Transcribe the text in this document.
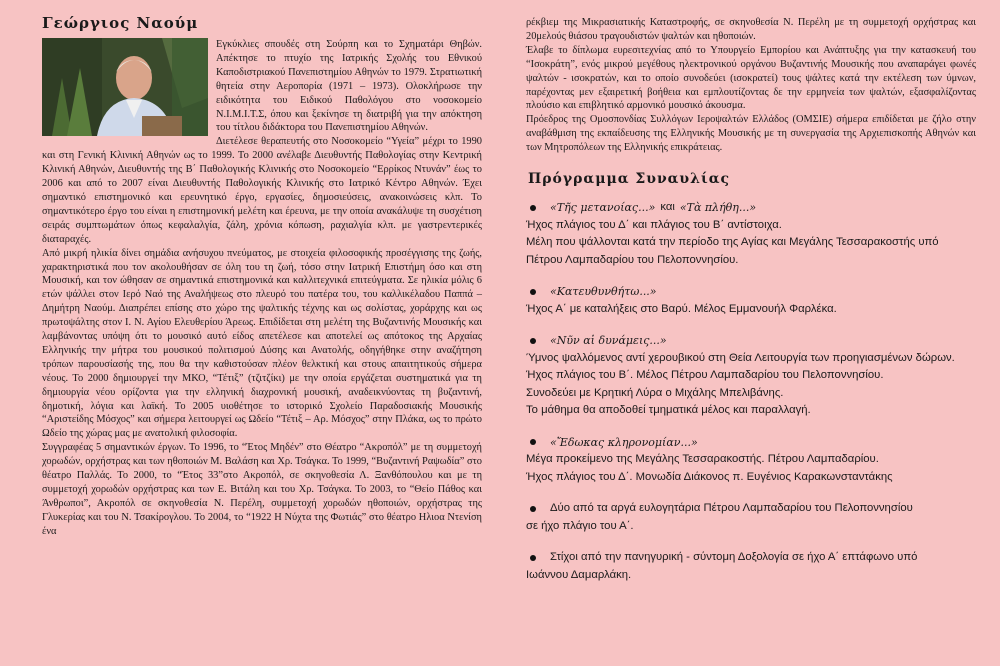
Γεώργιος Ναούμ

Εγκύκλιες σπουδές στη Σούρπη και το Σχηματάρι Θηβών. Απέκτησε το πτυχίο της Ιατρικής Σχολής του Εθνικού Καποδιστριακού Πανεπιστημίου Αθηνών το 1979. Στρατιωτική θητεία στην Αεροπορία (1971 – 1973). Ολοκλήρωσε την ειδικότητα του Ειδικού Παθολόγου στο νοσοκομείο Ν.Ι.Μ.Ι.Τ.Σ, όπου και ξεκίνησε τη διατριβή για την απόκτηση του τίτλου διδάκτορα του Πανεπιστημίου Αθηνών.

Διετέλεσε θεραπευτής στο Νοσοκομείο “Υγεία” μέχρι το 1990 και στη Γενική Κλινική Αθηνών ως το 1999. Το 2000 ανέλαβε Διευθυντής Παθολογίας στην Κεντρική Κλινική Αθηνών, Διευθυντής της Β΄ Παθολογικής Κλινικής στο Νοσοκομείο “Ερρίκος Ντυνάν” έως το 2006 και από το 2007 είναι Διευθυντής Παθολογικής Κλινικής στο Ιατρικό Κέντρο Αθηνών. Έχει σημαντικό επιστημονικό και ερευνητικό έργο, εργασίες, δημοσιεύσεις, ανακοινώσεις κλπ. Το σημαντικότερο έργο του είναι η επιστημονική μελέτη και έρευνα, με την οποία ανακάλυψε τη συσχέτιση σειράς συμπτωμάτων όπως κεφαλαλγία, ζάλη, χρόνια κόπωση, ραχιαλγία κλπ. με γαστρεντερικές διαταραχές.

Από μικρή ηλικία δίνει σημάδια ανήσυχου πνεύματος, με στοιχεία φιλοσοφικής προσέγγισης της ζωής, χαρακτηριστικά που τον ακολουθήσαν σε όλη του τη ζωή, τόσο στην Ιατρική Επιστήμη όσο και στη Μουσική, και τον ώθησαν σε σημαντικά επιστημονικά και καλλιτεχνικά επιτεύγματα. Σε ηλικία μόλις 6 ετών ψάλλει στον Ιερό Ναό της Αναλήψεως στο πλευρό του πατέρα του, του καλλικέλαδου Παππά – Δημήτρη Ναούμ. Διαπρέπει επίσης στο χώρο της ψαλτικής τέχνης και ως σολίστας, χοράρχης και ως πρωτοψάλτης στον Ι. Ν. Αγίου Ελευθερίου Άρεως. Επιδίδεται στη μελέτη της Βυζαντινής Μουσικής και λαμβάνοντας υπόψη ότι το μουσικό αυτό είδος απετέλεσε και αποτελεί ως απότοκος της Αρχαίας Ελληνικής την μήτρα του μουσικού πολιτισμού Δύσης και Ανατολής, οδηγήθηκε στην αναζήτηση τρόπων παρουσίασής της, που θα την καθιστούσαν πλέον θελκτική και στους απαιτητικούς σήμερα νέους. Το 2000 δημιουργεί την ΜΚΟ, “Τέτιξ” (τζιτζίκι) με την οποία εργάζεται συστηματικά για τη δημιουργία νέου ορίζοντα για την ελληνική διαχρονική μουσική, αναδεικνύοντας τη βυζαντινή, δημοτική, λόγια και λαϊκή. Το 2005 υιοθέτησε το ιστορικό Σχολείο Παραδοσιακής Μουσικής “Αριστείδης Μόσχος” και σήμερα λειτουργεί ως Ωδείο “Τέτιξ – Αρ. Μόσχος” στην Πλάκα, ως το πρώτο Ωδείο της χώρας μας με ανατολική φιλοσοφία.

Συγγραφέας 5 σημαντικών έργων. Το 1996, το “Έτος Μηδέν” στο Θέατρο “Ακροπόλ” με τη συμμετοχή χορωδών, ορχήστρας και των ηθοποιών Μ. Βαλάση και Χρ. Τσάγκα. Το 1999, “Βυζαντινή Ραψωδία” στο θέατρο Παλλάς. Το 2000, το “Έτος 33”στο Ακροπόλ, σε σκηνοθεσία Λ. Ξανθόπουλου και με τη συμμετοχή χορωδών ορχήστρας και των Ε. Βιτάλη και του Χρ. Τσάγκα. Το 2003, το “Θείο Πάθος και Άνθρωποι”, Ακροπόλ σε σκηνοθεσία Ν. Περέλη, συμμετοχή χορωδών ηθοποιών, ορχήστρας της Γλυκερίας και του Ν. Τσακίρογλου. Το 2004, το “1922 Η Νύχτα της Φωτιάς” στο θέατρο Ηλιοα Ντενίση ένα

ρέκβιεμ της Μικρασιατικής Καταστροφής, σε σκηνοθεσία Ν. Περέλη με τη συμμετοχή ορχήστρας και 20μελούς θιάσου τραγουδιστών ψαλτών και ηθοποιών.

Έλαβε το δίπλωμα ευρεσιτεχνίας από το Υπουργείο Εμπορίου και Ανάπτυξης για την κατασκευή του “Ισοκράτη”, ενός μικρού μεγέθους ηλεκτρονικού οργάνου Βυζαντινής Μουσικής που αναπαράγει φωνές ψαλτών - ισοκρατών, και το οποίο συνοδεύει (ισοκρατεί) τους ψάλτες κατά την εκτέλεση των ύμνων, παρέχοντας μεν εξαιρετική βοήθεια και εμπλουτίζοντας δε την ερμηνεία των ψαλτών, εξασφαλίζοντας πλούσιο και επιβλητικό αρμονικό μουσικό άκουσμα.

Πρόεδρος της Ομοσπονδίας Συλλόγων Ιεροψαλτών Ελλάδος (ΟΜΣΙΕ) σήμερα επιδίδεται με ζήλο στην αναβάθμιση της εκπαίδευσης της Ελληνικής Μουσικής με τη συνεργασία της Αρχιεπισκοπής Αθηνών και των Μητροπόλεων της Ελληνικής επικράτειας.

Πρόγραμμα Συναυλίας
«Τῆς μετανοίας...» και «Τὰ πλήθη...»

Ήχος πλάγιος του Δ΄ και πλάγιος του Β΄ αντίστοιχα.

Μέλη που ψάλλονται κατά την περίοδο της Αγίας και Μεγάλης Τεσσαρακοστής υπό Πέτρου Λαμπαδαρίου του Πελοποννησίου.

«Κατευθυνθήτω...»

Ήχος Α΄ με καταλήξεις στο Βαρύ. Μέλος Εμμανουήλ Φαρλέκα.

«Νῦν αἱ δυνάμεις...»

Ύμνος ψαλλόμενος αντί χερουβικού στη Θεία Λειτουργία των προηγιασμένων δώρων. Ήχος πλάγιος του Β΄. Μέλος Πέτρου Λαμπαδαρίου του Πελοποννησίου.

Συνοδεύει με Κρητική Λύρα ο Μιχάλης Μπελιβάνης.

Το μάθημα θα αποδοθεί τμηματικά μέλος και παραλλαγή.

«Ἔδωκας κληρονομίαν...»

Μέγα προκείμενο της Μεγάλης Τεσσαρακοστής. Πέτρου Λαμπαδαρίου.

Ήχος πλάγιος του Δ΄. Μονωδία Διάκονος π. Ευγένιος Καρακωνσταντάκης

Δύο από τα αργά ευλογητάρια Πέτρου Λαμπαδαρίου του Πελοποννησίου

σε ήχο πλάγιο του Α΄.

Στίχοι από την πανηγυρική - σύντομη Δοξολογία σε ήχο Α΄ επτάφωνο υπό

Ιωάννου Δαμαρλάκη.
